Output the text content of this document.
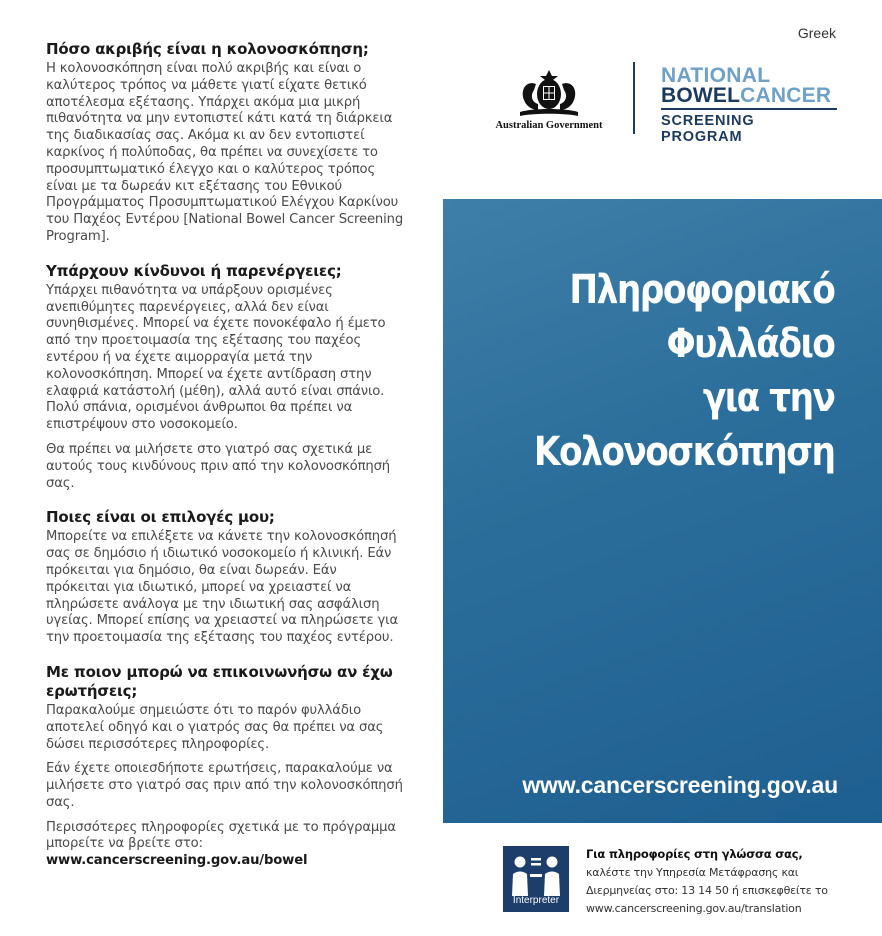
Πόσο ακριβής είναι η κολονοσκόπηση;

Η κολονοσκόπηση είναι πολύ ακριβής και είναι ο καλύτερος τρόπος να μάθετε γιατί είχατε θετικό αποτέλεσμα εξέτασης. Υπάρχει ακόμα μια μικρή πιθανότητα να μην εντοπιστεί κάτι κατά τη διάρκεια της διαδικασίας σας. Ακόμα κι αν δεν εντοπιστεί καρκίνος ή πολύποδας, θα πρέπει να συνεχίσετε το προσυμπτωματικό έλεγχο και ο καλύτερος τρόπος είναι με τα δωρεάν κιτ εξέτασης του Εθνικού Προγράμματος Προσυμπτωματικού Ελέγχου Καρκίνου του Παχέος Εντέρου [National Bowel Cancer Screening Program].

Υπάρχουν κίνδυνοι ή παρενέργειες;

Υπάρχει πιθανότητα να υπάρξουν ορισμένες ανεπιθύμητες παρενέργειες, αλλά δεν είναι συνηθισμένες. Μπορεί να έχετε πονοκέφαλο ή έμετο από την προετοιμασία της εξέτασης του παχέος εντέρου ή να έχετε αιμορραγία μετά την κολονοσκόπηση. Μπορεί να έχετε αντίδραση στην ελαφριά κατάστολή (μέθη), αλλά αυτό είναι σπάνιο. Πολύ σπάνια, ορισμένοι άνθρωποι θα πρέπει να επιστρέψουν στο νοσοκομείο.

Θα πρέπει να μιλήσετε στο γιατρό σας σχετικά με αυτούς τους κινδύνους πριν από την κολονοσκόπησή σας.

Ποιες είναι οι επιλογές μου;

Μπορείτε να επιλέξετε να κάνετε την κολονοσκόπησή σας σε δημόσιο ή ιδιωτικό νοσοκομείο ή κλινική. Εάν πρόκειται για δημόσιο, θα είναι δωρεάν. Εάν πρόκειται για ιδιωτικό, μπορεί να χρειαστεί να πληρώσετε ανάλογα με την ιδιωτική σας ασφάλιση υγείας. Μπορεί επίσης να χρειαστεί να πληρώσετε για την προετοιμασία της εξέτασης του παχέος εντέρου.

Με ποιον μπορώ να επικοινωνήσω αν έχω ερωτήσεις;

Παρακαλούμε σημειώστε ότι το παρόν φυλλάδιο αποτελεί οδηγό και ο γιατρός σας θα πρέπει να σας δώσει περισσότερες πληροφορίες.

Εάν έχετε οποιεσδήποτε ερωτήσεις, παρακαλούμε να μιλήσετε στο γιατρό σας πριν από την κολονοσκόπησή σας.

Περισσότερες πληροφορίες σχετικά με το πρόγραμμα μπορείτε να βρείτε στο:

www.cancerscreening.gov.au/bowel
Greek
Australian Government
NATIONAL
BOWELCANCER
SCREENING PROGRAM
Πληροφοριακό
Φυλλάδιο
για την
Κολονοσκόπηση
www.cancerscreening.gov.au
Interpreter
Για πληροφορίες στη γλώσσα σας,
καλέστε την Υπηρεσία Μετάφρασης και
Διερμηνείας στο: 13 14 50 ή επισκεφθείτε το
www.cancerscreening.gov.au/translation
